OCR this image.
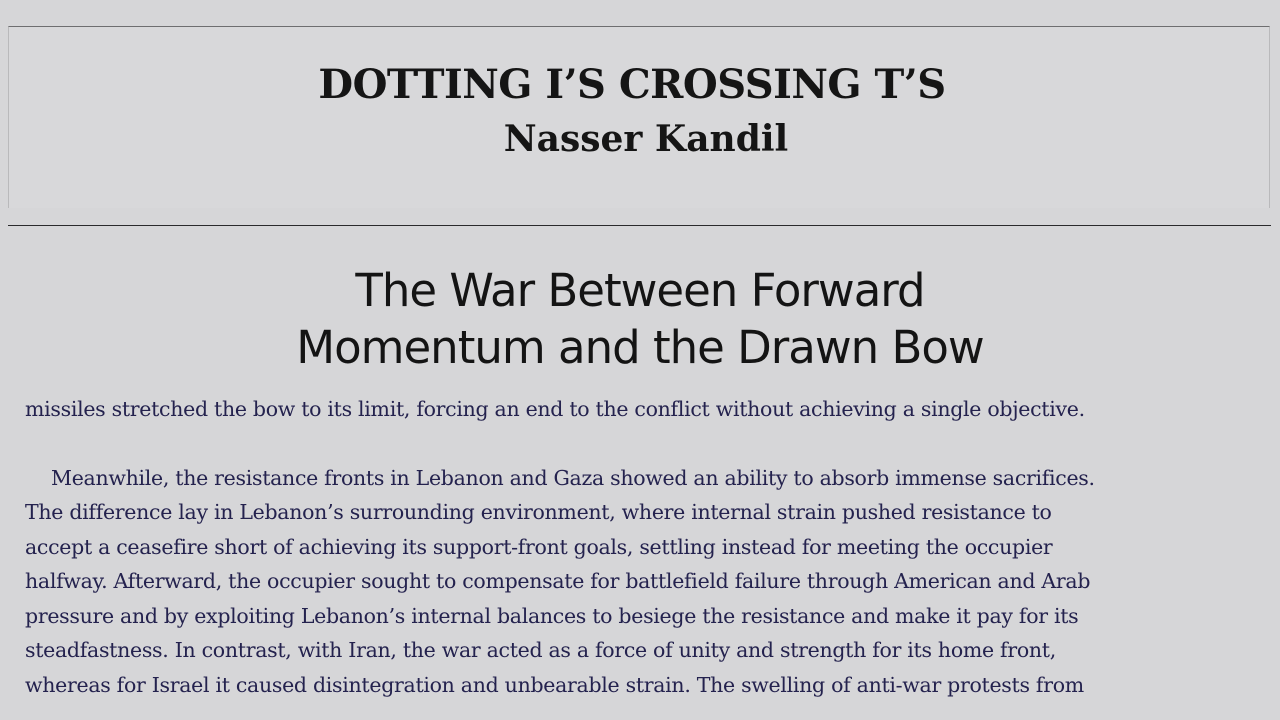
DOTTING I’S CROSSING T’S
Nasser Kandil
The War Between Forward
Momentum and the Drawn Bow
missiles stretched the bow to its limit, forcing an end to the conflict without achieving a single objective.
Meanwhile, the resistance fronts in Lebanon and Gaza showed an ability to absorb immense sacrifices.
The difference lay in Lebanon’s surrounding environment, where internal strain pushed resistance to
accept a ceasefire short of achieving its support-front goals, settling instead for meeting the occupier
halfway. Afterward, the occupier sought to compensate for battlefield failure through American and Arab
pressure and by exploiting Lebanon’s internal balances to besiege the resistance and make it pay for its
steadfastness. In contrast, with Iran, the war acted as a force of unity and strength for its home front,
whereas for Israel it caused disintegration and unbearable strain. The swelling of anti-war protests from
